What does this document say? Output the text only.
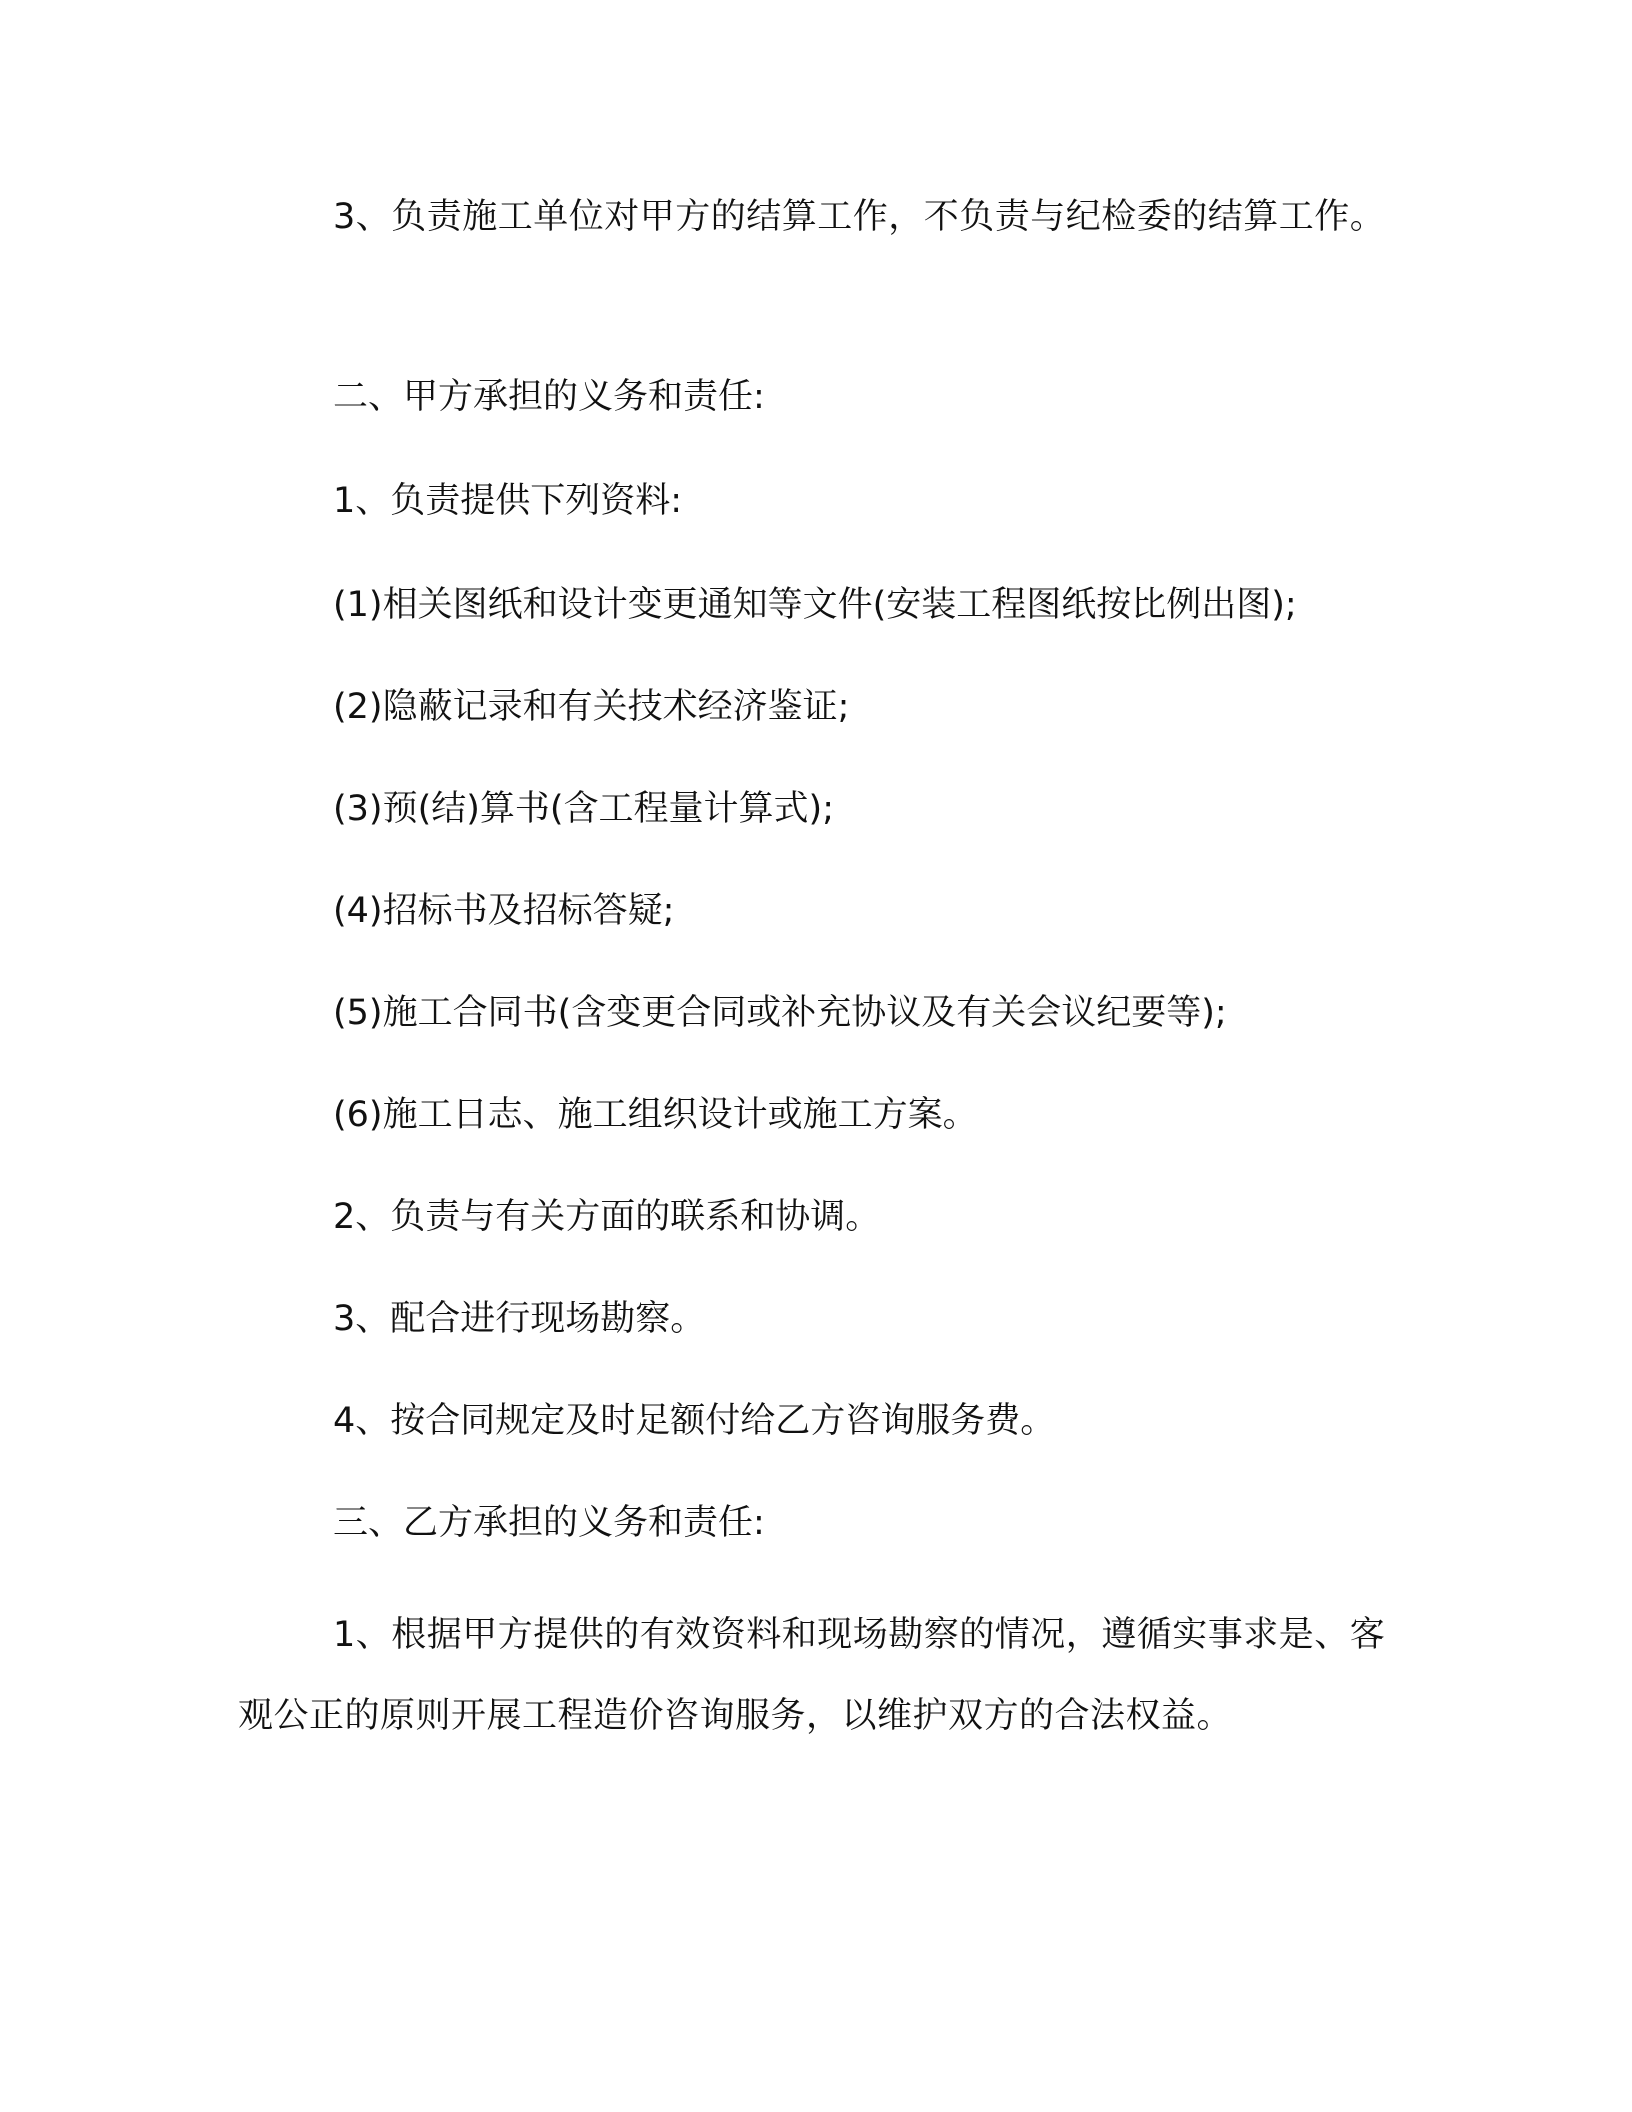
3、负责施工单位对甲方的结算工作，不负责与纪检委的结算工作。

二、甲方承担的义务和责任:

1、负责提供下列资料:

(1)相关图纸和设计变更通知等文件(安装工程图纸按比例出图);

(2)隐蔽记录和有关技术经济鉴证;

(3)预(结)算书(含工程量计算式);

(4)招标书及招标答疑;

(5)施工合同书(含变更合同或补充协议及有关会议纪要等);

(6)施工日志、施工组织设计或施工方案。

2、负责与有关方面的联系和协调。

3、配合进行现场勘察。

4、按合同规定及时足额付给乙方咨询服务费。

三、乙方承担的义务和责任:

1、根据甲方提供的有效资料和现场勘察的情况，遵循实事求是、客观公正的原则开展工程造价咨询服务，以维护双方的合法权益。
